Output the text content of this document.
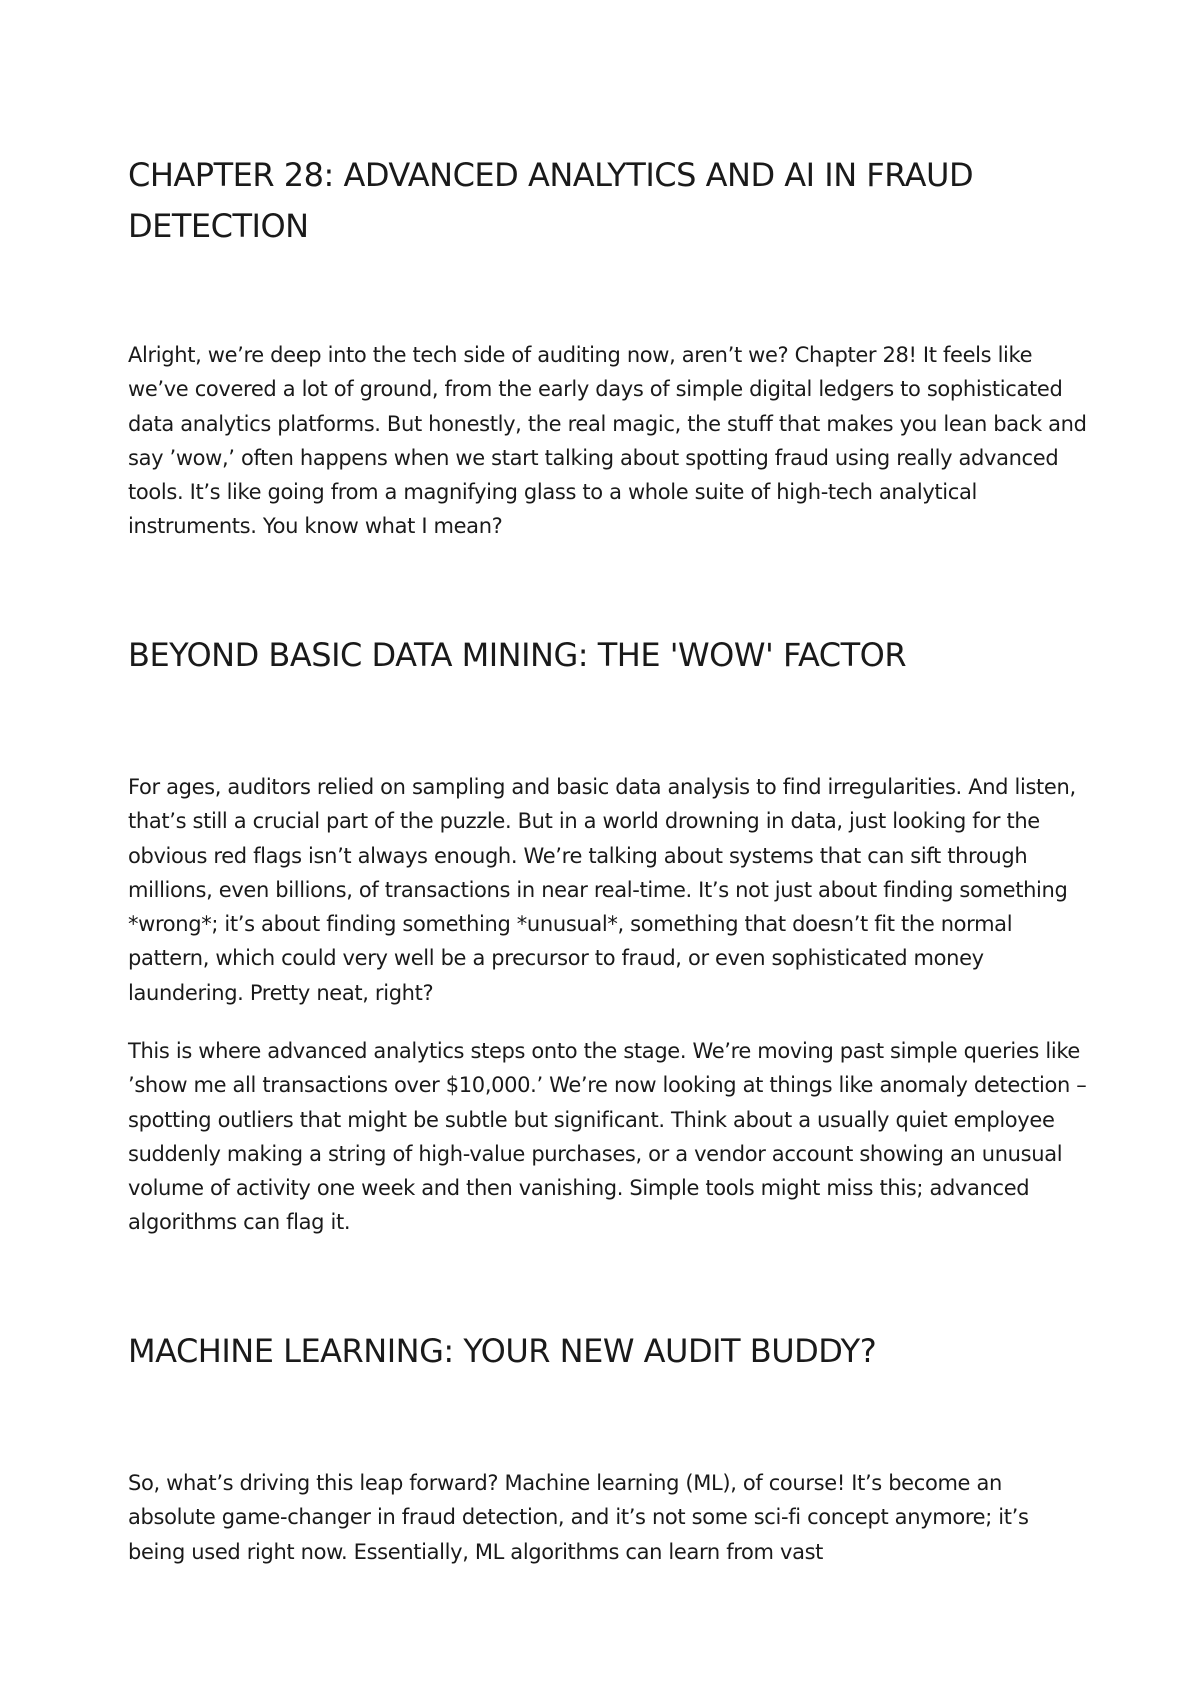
CHAPTER 28: ADVANCED ANALYTICS AND AI IN FRAUD DETECTION

Alright, we’re deep into the tech side of auditing now, aren’t we? Chapter 28! It feels like we’ve covered a lot of ground, from the early days of simple digital ledgers to sophisticated data analytics platforms. But honestly, the real magic, the stuff that makes you lean back and say ’wow,’ often happens when we start talking about spotting fraud using really advanced tools. It’s like going from a magnifying glass to a whole suite of high-tech analytical instruments. You know what I mean?

BEYOND BASIC DATA MINING: THE 'WOW' FACTOR

For ages, auditors relied on sampling and basic data analysis to find irregularities. And listen, that’s still a crucial part of the puzzle. But in a world drowning in data, just looking for the obvious red flags isn’t always enough. We’re talking about systems that can sift through millions, even billions, of transactions in near real-time. It’s not just about finding something *wrong*; it’s about finding something *unusual*, something that doesn’t fit the normal pattern, which could very well be a precursor to fraud, or even sophisticated money laundering. Pretty neat, right?

This is where advanced analytics steps onto the stage. We’re moving past simple queries like ’show me all transactions over $10,000.’ We’re now looking at things like anomaly detection – spotting outliers that might be subtle but significant. Think about a usually quiet employee suddenly making a string of high-value purchases, or a vendor account showing an unusual volume of activity one week and then vanishing. Simple tools might miss this; advanced algorithms can flag it.

MACHINE LEARNING: YOUR NEW AUDIT BUDDY?

So, what’s driving this leap forward? Machine learning (ML), of course! It’s become an absolute game-changer in fraud detection, and it’s not some sci-fi concept anymore; it’s being used right now. Essentially, ML algorithms can learn from vast
